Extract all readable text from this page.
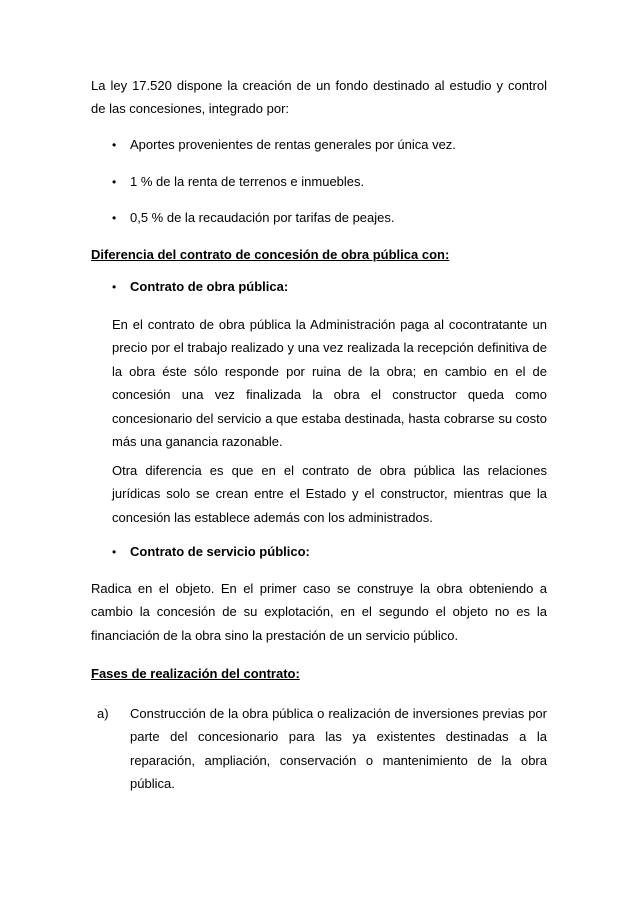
La ley 17.520 dispone la creación de un fondo destinado al estudio y control de las concesiones, integrado por:
• Aportes provenientes de rentas generales por única vez.
• 1 % de la renta de terrenos e inmuebles.
• 0,5 % de la recaudación por tarifas de peajes.
Diferencia del contrato de concesión de obra pública con:
• Contrato de obra pública:
En el contrato de obra pública la Administración paga al cocontratante un precio por el trabajo realizado y una vez realizada la recepción definitiva de la obra éste sólo responde por ruina de la obra; en cambio en el de concesión una vez finalizada la obra el constructor queda como concesionario del servicio a que estaba destinada, hasta cobrarse su costo más una ganancia razonable.
Otra diferencia es que en el contrato de obra pública las relaciones jurídicas solo se crean entre el Estado y el constructor, mientras que la concesión las establece además con los administrados.
• Contrato de servicio público:
Radica en el objeto. En el primer caso se construye la obra obteniendo a cambio la concesión de su explotación, en el segundo el objeto no es la financiación de la obra sino la prestación de un servicio público.
Fases de realización del contrato:
a) Construcción de la obra pública o realización de inversiones previas por parte del concesionario para las ya existentes destinadas a la reparación, ampliación, conservación o mantenimiento de la obra pública.
